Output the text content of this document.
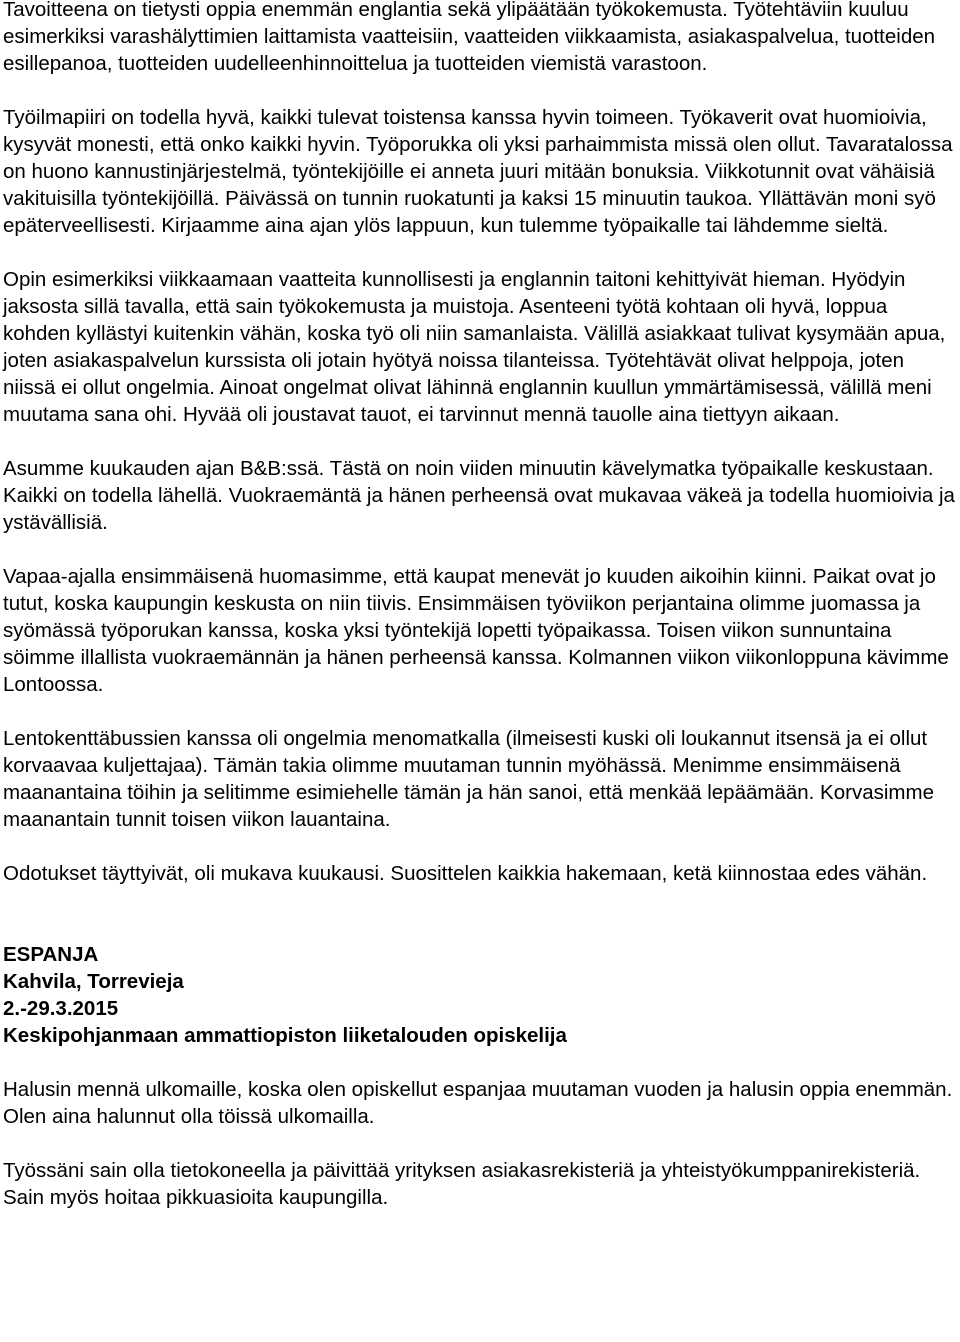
Tavoitteena on tietysti oppia enemmän englantia sekä ylipäätään työkokemusta. Työtehtäviin kuuluu esimerkiksi varashälyttimien laittamista vaatteisiin, vaatteiden viikkaamista, asiakaspalvelua, tuotteiden esillepanoa, tuotteiden uudelleenhinnoittelua ja tuotteiden viemistä varastoon.

Työilmapiiri on todella hyvä, kaikki tulevat toistensa kanssa hyvin toimeen. Työkaverit ovat huomioivia, kysyvät monesti, että onko kaikki hyvin. Työporukka oli yksi parhaimmista missä olen ollut. Tavaratalossa on huono kannustinjärjestelmä, työntekijöille ei anneta juuri mitään bonuksia. Viikkotunnit ovat vähäisiä vakituisilla työntekijöillä. Päivässä on tunnin ruokatunti ja kaksi 15 minuutin taukoa. Yllättävän moni syö epäterveellisesti. Kirjaamme aina ajan ylös lappuun, kun tulemme työpaikalle tai lähdemme sieltä.

Opin esimerkiksi viikkaamaan vaatteita kunnollisesti ja englannin taitoni kehittyivät hieman. Hyödyin jaksosta sillä tavalla, että sain työkokemusta ja muistoja. Asenteeni työtä kohtaan oli hyvä, loppua kohden kyllästyi kuitenkin vähän, koska työ oli niin samanlaista. Välillä asiakkaat tulivat kysymään apua, joten asiakaspalvelun kurssista oli jotain hyötyä noissa tilanteissa. Työtehtävät olivat helppoja, joten niissä ei ollut ongelmia. Ainoat ongelmat olivat lähinnä englannin kuullun ymmärtämisessä, välillä meni muutama sana ohi. Hyvää oli joustavat tauot, ei tarvinnut mennä tauolle aina tiettyyn aikaan.

Asumme kuukauden ajan B&B:ssä. Tästä on noin viiden minuutin kävelymatka työpaikalle keskustaan. Kaikki on todella lähellä. Vuokraemäntä ja hänen perheensä ovat mukavaa väkeä ja todella huomioivia ja ystävällisiä.

Vapaa-ajalla ensimmäisenä huomasimme, että kaupat menevät jo kuuden aikoihin kiinni. Paikat ovat jo tutut, koska kaupungin keskusta on niin tiivis. Ensimmäisen työviikon perjantaina olimme juomassa ja syömässä työporukan kanssa, koska yksi työntekijä lopetti työpaikassa. Toisen viikon sunnuntaina söimme illallista vuokraemännän ja hänen perheensä kanssa. Kolmannen viikon viikonloppuna kävimme Lontoossa.

Lentokenttäbussien kanssa oli ongelmia menomatkalla (ilmeisesti kuski oli loukannut itsensä ja ei ollut korvaavaa kuljettajaa). Tämän takia olimme muutaman tunnin myöhässä. Menimme ensimmäisenä maanantaina töihin ja selitimme esimiehelle tämän ja hän sanoi, että menkää lepäämään. Korvasimme maanantain tunnit toisen viikon lauantaina.

Odotukset täyttyivät, oli mukava kuukausi. Suosittelen kaikkia hakemaan, ketä kiinnostaa edes vähän.

ESPANJA
Kahvila, Torrevieja
2.-29.3.2015
Keskipohjanmaan ammattiopiston liiketalouden opiskelija

Halusin mennä ulkomaille, koska olen opiskellut espanjaa muutaman vuoden ja halusin oppia enemmän. Olen aina halunnut olla töissä ulkomailla.

Työssäni sain olla tietokoneella ja päivittää yrityksen asiakasrekisteriä ja yhteistyökumppanirekisteriä. Sain myös hoitaa pikkuasioita kaupungilla.
